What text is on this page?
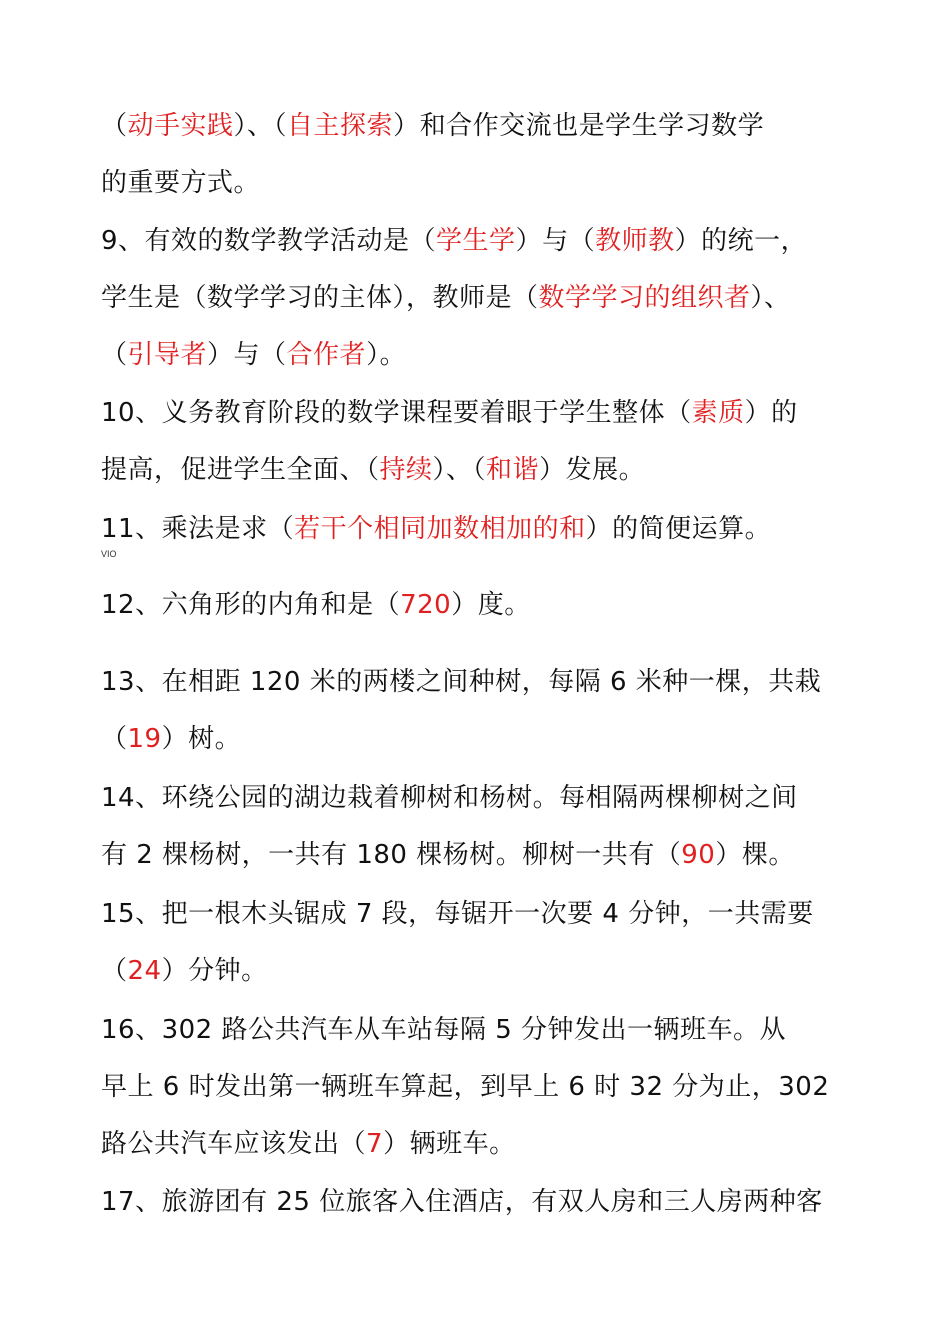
（动手实践）、（自主探索）和合作交流也是学生学习数学
的重要方式。
9、有效的数学教学活动是（学生学）与（教师教）的统一，
学生是（数学学习的主体），教师是（数学学习的组织者）、
（引导者）与（合作者）。
10、义务教育阶段的数学课程要着眼于学生整体（素质）的
提高，促进学生全面、（持续）、（和谐）发展。
11、乘法是求（若干个相同加数相加的和）的简便运算。
VIO
12、六角形的内角和是（720）度。
13、在相距 120 米的两楼之间种树，每隔 6 米种一棵，共栽
（19）树。
14、环绕公园的湖边栽着柳树和杨树。每相隔两棵柳树之间
有 2 棵杨树，一共有 180 棵杨树。柳树一共有（90）棵。
15、把一根木头锯成 7 段，每锯开一次要 4 分钟，一共需要
（24）分钟。
16、302 路公共汽车从车站每隔 5 分钟发出一辆班车。从
早上 6 时发出第一辆班车算起，到早上 6 时 32 分为止，302
路公共汽车应该发出（7）辆班车。
17、旅游团有 25 位旅客入住酒店，有双人房和三人房两种客
